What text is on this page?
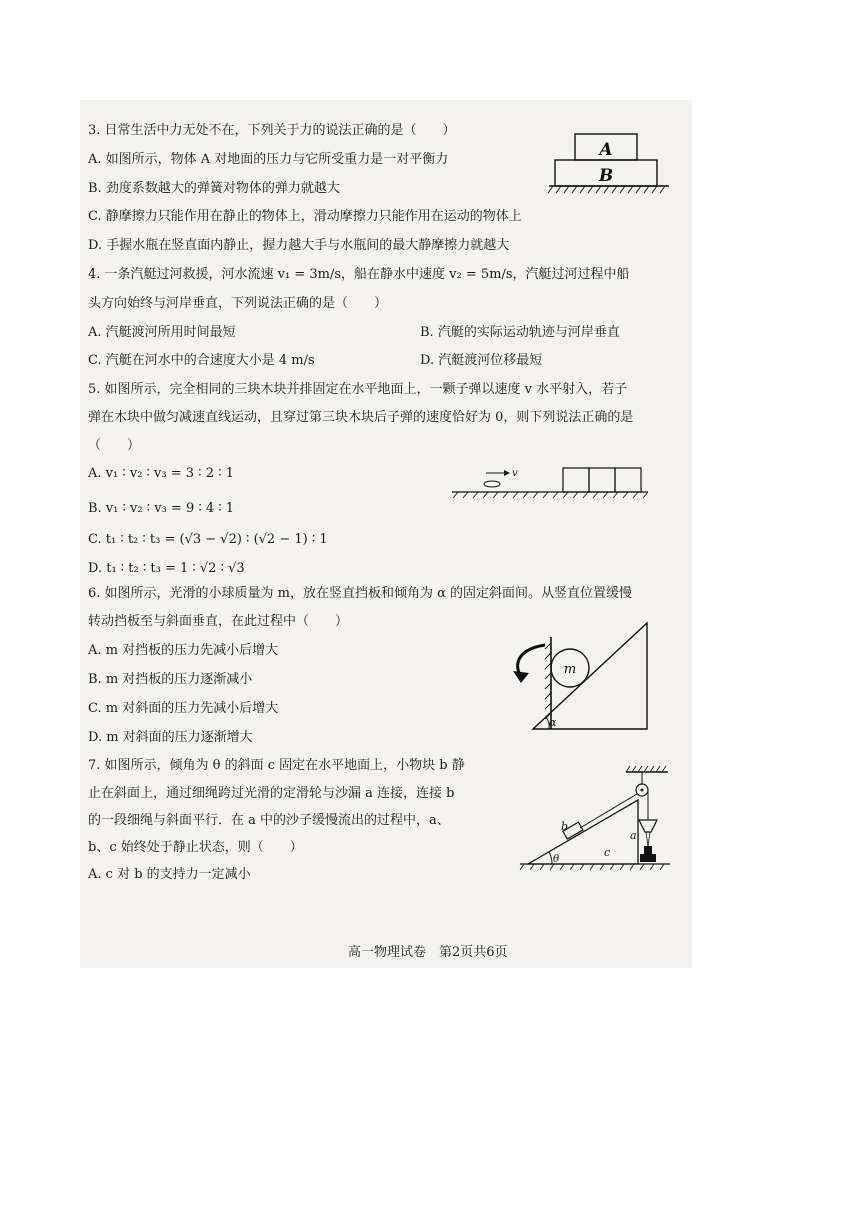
3. 日常生活中力无处不在，下列关于力的说法正确的是（　　）
A. 如图所示，物体 A 对地面的压力与它所受重力是一对平衡力
B. 劲度系数越大的弹簧对物体的弹力就越大
C. 静摩擦力只能作用在静止的物体上，滑动摩擦力只能作用在运动的物体上
D. 手握水瓶在竖直面内静止，握力越大手与水瓶间的最大静摩擦力就越大
A
B
4. 一条汽艇过河救援，河水流速 v₁ = 3m/s，船在静水中速度 v₂ = 5m/s，汽艇过河过程中船
头方向始终与河岸垂直，下列说法正确的是（　　）
A. 汽艇渡河所用时间最短	B. 汽艇的实际运动轨迹与河岸垂直
C. 汽艇在河水中的合速度大小是 4 m/s	D. 汽艇渡河位移最短
5. 如图所示，完全相同的三块木块并排固定在水平地面上，一颗子弹以速度 v 水平射入，若子
弹在木块中做匀减速直线运动，且穿过第三块木块后子弹的速度恰好为 0，则下列说法正确的是
（　　）
A. v₁ ∶ v₂ ∶ v₃ = 3 ∶ 2 ∶ 1
B. v₁ ∶ v₂ ∶ v₃ = 9 ∶ 4 ∶ 1
C. t₁ ∶ t₂ ∶ t₃ = (√3 − √2) ∶ (√2 − 1) ∶ 1
D. t₁ ∶ t₂ ∶ t₃ = 1 ∶ √2 ∶ √3
v
6. 如图所示，光滑的小球质量为 m，放在竖直挡板和倾角为 α 的固定斜面间。从竖直位置缓慢
转动挡板至与斜面垂直，在此过程中（　　）
A. m 对挡板的压力先减小后增大
B. m 对挡板的压力逐渐减小
C. m 对斜面的压力先减小后增大
D. m 对斜面的压力逐渐增大
m
α
7. 如图所示，倾角为 θ 的斜面 c 固定在水平地面上，小物块 b 静
止在斜面上，通过细绳跨过光滑的定滑轮与沙漏 a 连接，连接 b
的一段细绳与斜面平行．在 a 中的沙子缓慢流出的过程中，a、
b、c 始终处于静止状态，则（　　）
A. c 对 b 的支持力一定减小
b
a
c
θ
高一物理试卷　第2页共6页
